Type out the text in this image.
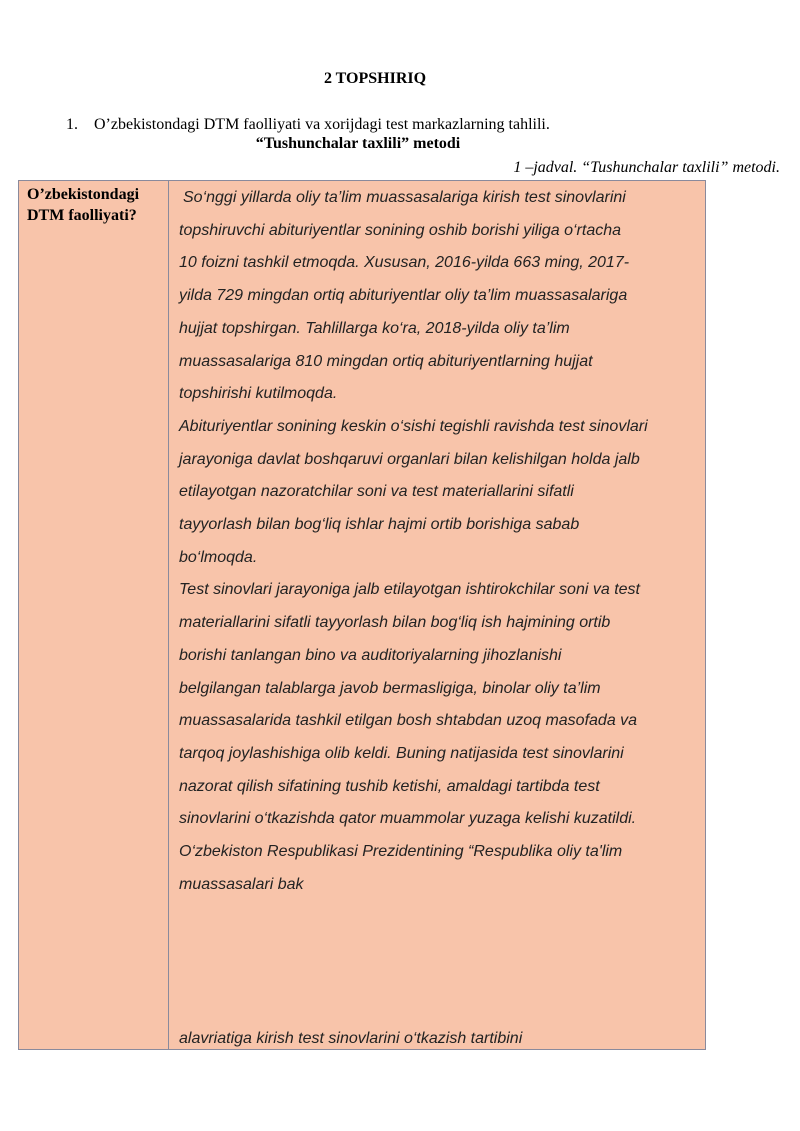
2 TOPSHIRIQ
1. O’zbekistondagi DTM faolliyati va xorijdagi test markazlarning tahlili.
“Tushunchalar taxlili” metodi
1 –jadval. “Tushunchalar taxlili” metodi.
O’zbekistondagi
DTM faolliyati?
So‘nggi yillarda oliy ta’lim muassasalariga kirish test sinovlarini
topshiruvchi abituriyentlar sonining oshib borishi yiliga o‘rtacha
10 foizni tashkil etmoqda. Xususan, 2016-yilda 663 ming, 2017-
yilda 729 mingdan ortiq abituriyentlar oliy ta’lim muassasalariga
hujjat topshirgan. Tahlillarga ko‘ra, 2018-yilda oliy ta’lim
muassasalariga 810 mingdan ortiq abituriyentlarning hujjat
topshirishi kutilmoqda.
Abituriyentlar sonining keskin o‘sishi tegishli ravishda test sinovlari
jarayoniga davlat boshqaruvi organlari bilan kelishilgan holda jalb
etilayotgan nazoratchilar soni va test materiallarini sifatli
tayyorlash bilan bog‘liq ishlar hajmi ortib borishiga sabab
bo‘lmoqda.
Test sinovlari jarayoniga jalb etilayotgan ishtirokchilar soni va test
materiallarini sifatli tayyorlash bilan bog‘liq ish hajmining ortib
borishi tanlangan bino va auditoriyalarning jihozlanishi
belgilangan talablarga javob bermasligiga, binolar oliy ta’lim
muassasalarida tashkil etilgan bosh shtabdan uzoq masofada va
tarqoq joylashishiga olib keldi. Buning natijasida test sinovlarini
nazorat qilish sifatining tushib ketishi, amaldagi tartibda test
sinovlarini o‘tkazishda qator muammolar yuzaga kelishi kuzatildi.
O‘zbekiston Respublikasi Prezidentining “Respublika oliy ta'lim
muassasalari bak
alavriatiga kirish test sinovlarini o‘tkazish tartibini
